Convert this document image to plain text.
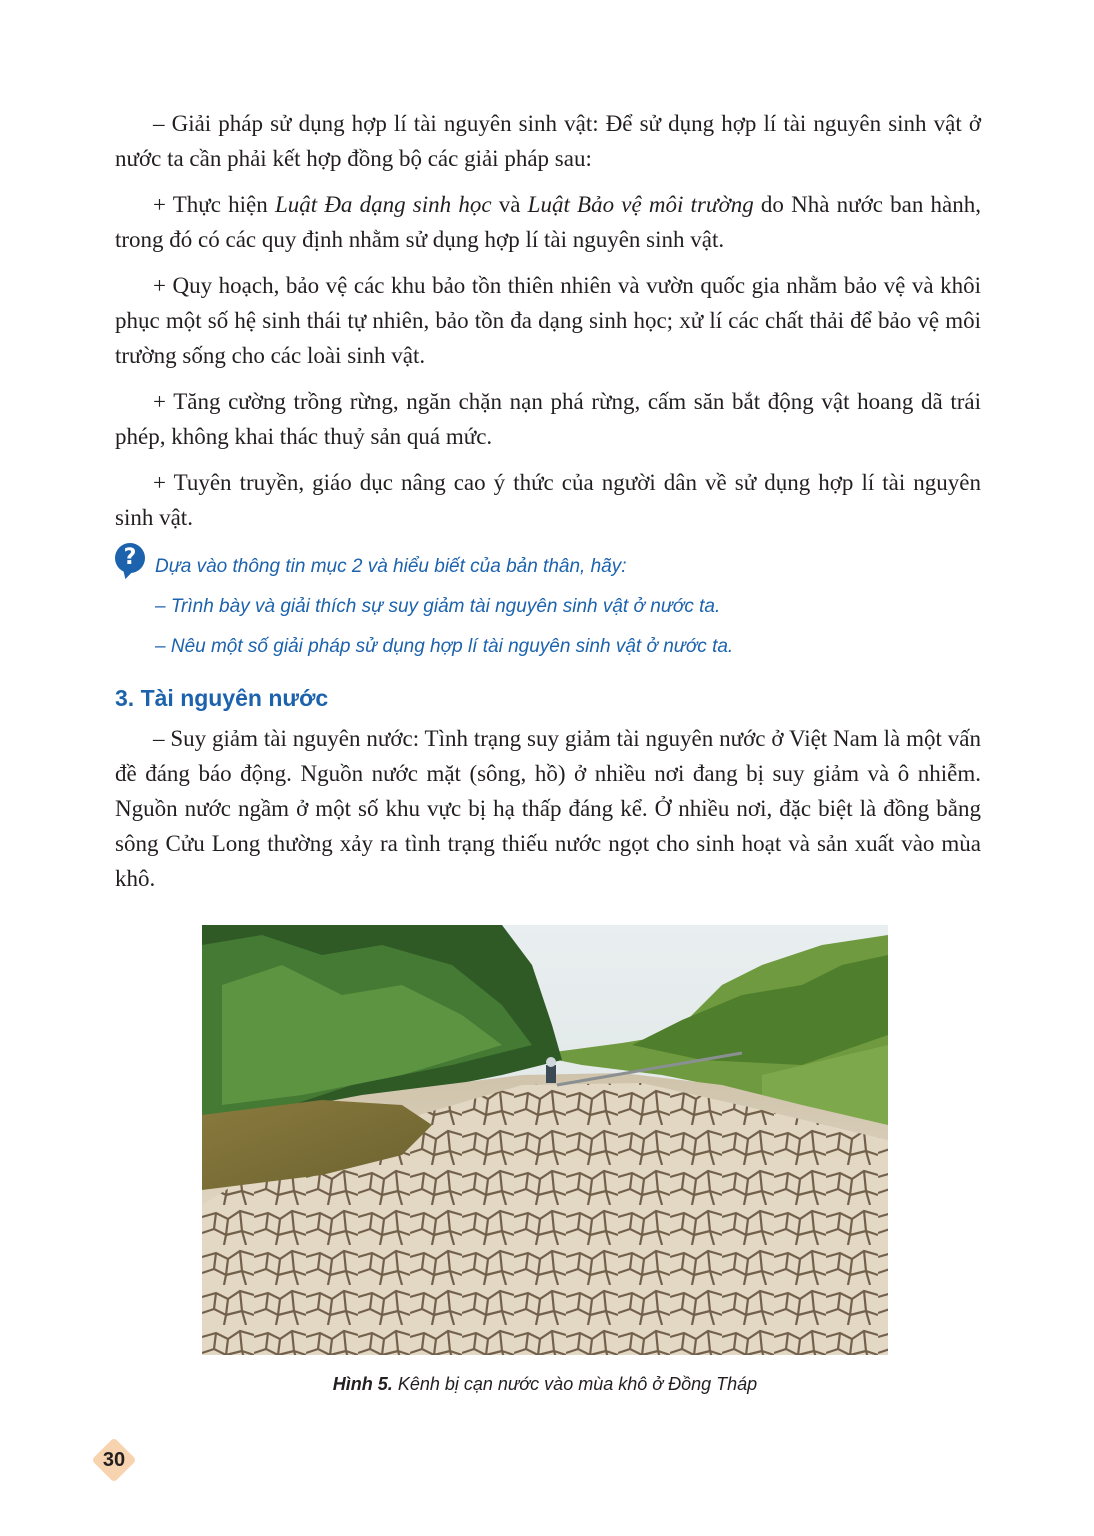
– Giải pháp sử dụng hợp lí tài nguyên sinh vật: Để sử dụng hợp lí tài nguyên sinh vật ở nước ta cần phải kết hợp đồng bộ các giải pháp sau:

+ Thực hiện Luật Đa dạng sinh học và Luật Bảo vệ môi trường do Nhà nước ban hành, trong đó có các quy định nhằm sử dụng hợp lí tài nguyên sinh vật.

+ Quy hoạch, bảo vệ các khu bảo tồn thiên nhiên và vườn quốc gia nhằm bảo vệ và khôi phục một số hệ sinh thái tự nhiên, bảo tồn đa dạng sinh học; xử lí các chất thải để bảo vệ môi trường sống cho các loài sinh vật.

+ Tăng cường trồng rừng, ngăn chặn nạn phá rừng, cấm săn bắt động vật hoang dã trái phép, không khai thác thuỷ sản quá mức.

+ Tuyên truyền, giáo dục nâng cao ý thức của người dân về sử dụng hợp lí tài nguyên sinh vật.

? Dựa vào thông tin mục 2 và hiểu biết của bản thân, hãy:

– Trình bày và giải thích sự suy giảm tài nguyên sinh vật ở nước ta.

– Nêu một số giải pháp sử dụng hợp lí tài nguyên sinh vật ở nước ta.

3. Tài nguyên nước

– Suy giảm tài nguyên nước: Tình trạng suy giảm tài nguyên nước ở Việt Nam là một vấn đề đáng báo động. Nguồn nước mặt (sông, hồ) ở nhiều nơi đang bị suy giảm và ô nhiễm. Nguồn nước ngầm ở một số khu vực bị hạ thấp đáng kể. Ở nhiều nơi, đặc biệt là đồng bằng sông Cửu Long thường xảy ra tình trạng thiếu nước ngọt cho sinh hoạt và sản xuất vào mùa khô.

Hình 5. Kênh bị cạn nước vào mùa khô ở Đồng Tháp
30
